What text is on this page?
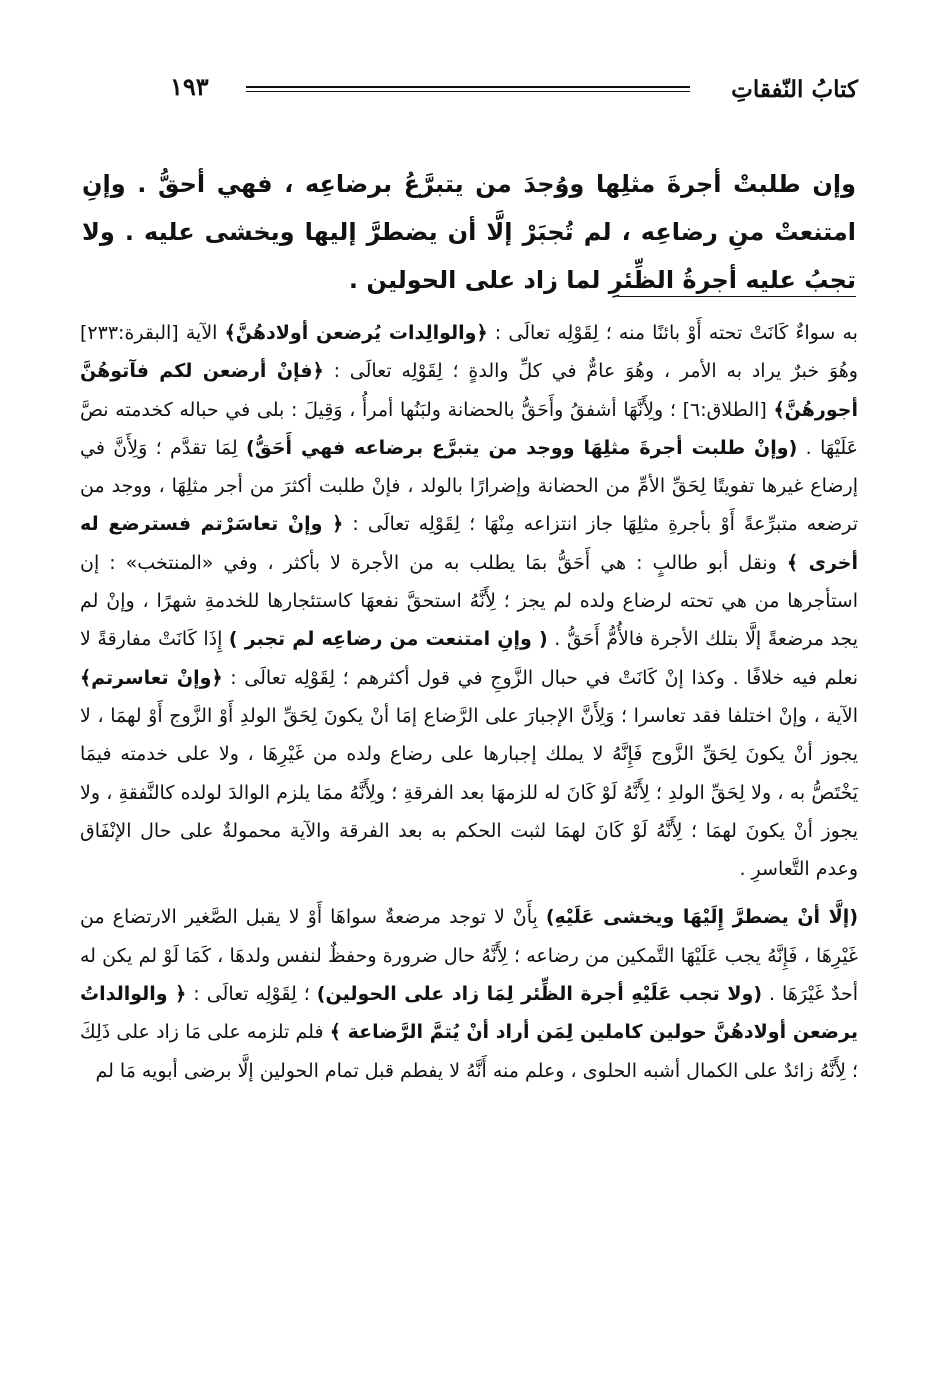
كتابُ النّفقاتِ
١٩٣
وإن طلبتْ أجرةَ مثلِها ووُجدَ من يتبرَّعُ برضاعِه ، فهي أحقُّ . وإنِ امتنعتْ منِ رضاعِه ، لم تُجبَرْ إلَّا أن يضطرَّ إليها ويخشى عليه . ولا تجبُ عليه أجرةُ الظِّئرِ لما زاد على الحولين .

به سواءٌ كَانَتْ تحته أَوْ بائنًا منه ؛ لِقَوْلِه تعالَى : ﴿والوالِدات يُرضعن أولادهُنَّ﴾ الآية [البقرة:٢٣٣] وهُوَ خبرٌ يراد به الأمر ، وهُوَ عامٌّ في كلِّ والدةٍ ؛ لِقَوْلِه تعالَى : ﴿فإنْ أرضعن لكم فآتوهُنَّ أجورهُنَّ﴾ [الطلاق:٦] ؛ ولِأَنَّهَا أشفقُ وأَحَقُّ بالحضانة ولبَنُها أمرأُ ، وَقِيلَ : بلى في حباله كخدمته نصَّ عَلَيْهَا . (وإنْ طلبت أجرةَ مثلِهَا ووجد من يتبرَّع برضاعه فهي أَحَقُّ) لِمَا تقدَّم ؛ وَلِأَنَّ في إرضاع غيرها تفويتًا لِحَقِّ الأمِّ من الحضانة وإضرارًا بالولد ، فإنْ طلبت أكثرَ من أجر مثلِهَا ، ووجد من ترضعه متبرِّعةً أَوْ بأجرةِ مثلِهَا جاز انتزاعه مِنْهَا ؛ لِقَوْلِه تعالَى : ﴿ وإنْ تعاسَرْتم فسترضع له أخرى ﴾ ونقل أبو طالبٍ : هي أَحَقُّ بمَا يطلب به من الأجرة لا بأكثر ، وفي «المنتخب» : إن استأجرها من هي تحته لرضاع ولده لم يجز ؛ لِأَنَّهُ استحقَّ نفعهَا كاستئجارها للخدمةِ شهرًا ، وإنْ لم يجد مرضعةً إلَّا بتلك الأجرة فالأُمُّ أَحَقُّ . ( وإنِ امتنعت من رضاعِه لم تجبر ) إِذَا كَانَتْ مفارقةً لا نعلم فيه خلافًا . وكذا إنْ كَانَتْ في حبال الزَّوجِ في قول أكثرهم ؛ لِقَوْلِه تعالَى : ﴿وإنْ تعاسرتم﴾ الآية ، وإنْ اختلفا فقد تعاسرا ؛ وَلِأَنَّ الإجبارَ على الرَّضاع إمَا أنْ يكونَ لِحَقِّ الولدِ أَوْ الزَّوج أَوْ لهمَا ، لا يجوز أنْ يكونَ لِحَقِّ الزَّوج فَإِنَّهُ لا يملك إجبارها على رضاع ولده من غَيْرِهَا ، ولا على خدمته فيمَا يَخْتَصُّ به ، ولا لِحَقِّ الولدِ ؛ لِأَنَّهُ لَوْ كَانَ له للزمهَا بعد الفرقةِ ؛ ولِأَنَّهُ ممَا يلزم الوالدَ لولده كالنَّفقةِ ، ولا يجوز أنْ يكونَ لهمَا ؛ لِأَنَّهُ لَوْ كَانَ لهمَا لثبت الحكم به بعد الفرقة والآية محمولةٌ على حال الإنْفَاق وعدم التَّعاسرِ .

(إلَّا أنْ يضطرَّ إِلَيْهَا ويخشى عَلَيْهِ) بِأَنْ لا توجد مرضعةٌ سواهَا أَوْ لا يقبل الصَّغير الارتضاع من غَيْرِهَا ، فَإِنَّهُ يجب عَلَيْهَا التَّمكين من رضاعه ؛ لِأَنَّهُ حال ضرورة وحفظٌ لنفس ولدهَا ، كَمَا لَوْ لم يكن له أحدٌ غَيْرَهَا . (ولا تجب عَلَيْهِ أجرة الظِّئر لِمَا زاد على الحولين) ؛ لِقَوْلِه تعالَى : ﴿ والوالداتُ يرضعن أولادهُنَّ حولين كاملين لِمَن أراد أنْ يُتمَّ الرَّضاعة ﴾ فلم تلزمه على مَا زاد على ذَلِكَ ؛ لِأَنَّهُ زائدٌ على الكمال أشبه الحلوى ، وعلم منه أَنَّهُ لا يفطم قبل تمام الحولين إلَّا برضى أبويه مَا لم
